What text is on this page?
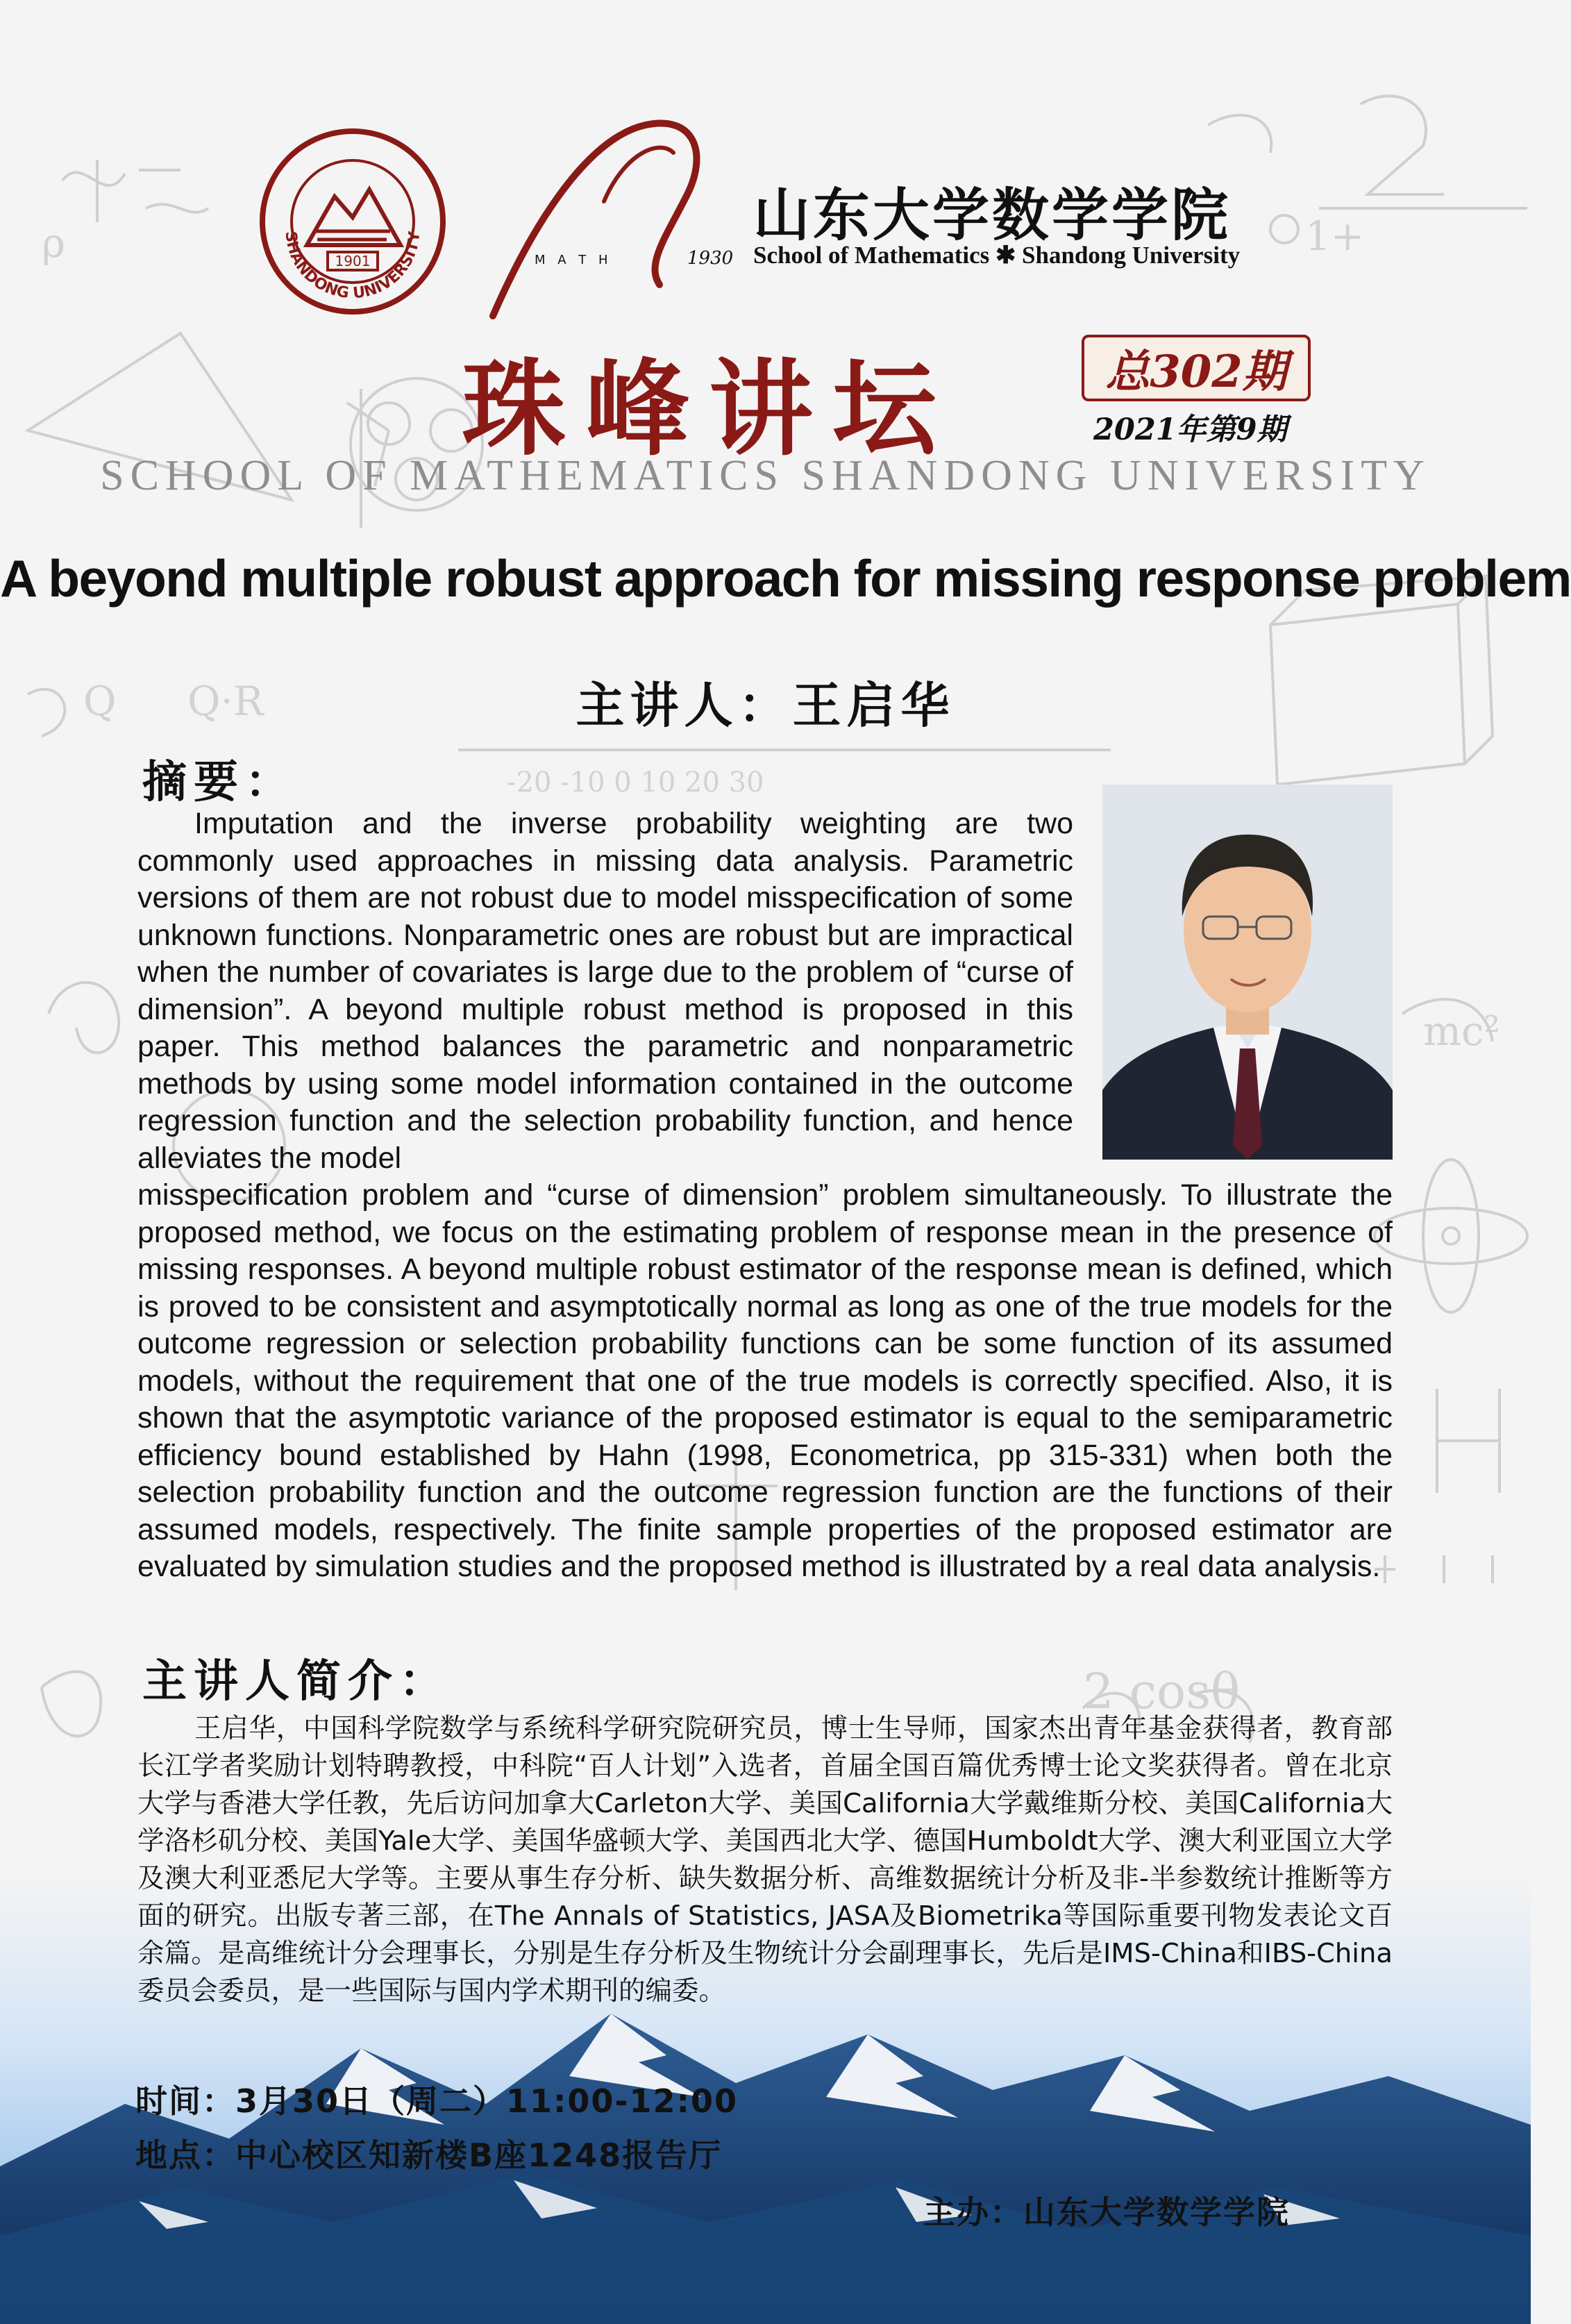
ρ	1+
mc²
Q Q·R
-20 -10 0 10 20 30
2 cosθ
1901
SHANDONG UNIVERSITY
M A T H	1930
山东大学数学学院
School of Mathematics ✱ Shandong University
珠峰讲坛	总302期
2021年第9期
SCHOOL OF MATHEMATICS SHANDONG UNIVERSITY
A beyond multiple robust approach for missing response problem
主讲人：王启华
摘要：

Imputation and the inverse probability weighting are two commonly used approaches in missing data analysis. Parametric versions of them are not robust due to model misspecification of some unknown functions. Nonparametric ones are robust but are impractical when the number of covariates is large due to the problem of “curse of dimension”. A beyond multiple robust method is proposed in this paper. This method balances the parametric and nonparametric methods by using some model information contained in the outcome regression function and the selection probability function, and hence alleviates the model

misspecification problem and “curse of dimension” problem simultaneously. To illustrate the proposed method, we focus on the estimating problem of response mean in the presence of missing responses. A beyond multiple robust estimator of the response mean is defined, which is proved to be consistent and asymptotically normal as long as one of the true models for the outcome regression or selection probability functions can be some function of its assumed models, without the requirement that one of the true models is correctly specified. Also, it is shown that the asymptotic variance of the proposed estimator is equal to the semiparametric efficiency bound established by Hahn (1998, Econometrica, pp 315-331) when both the selection probability function and the outcome regression function are the functions of their assumed models, respectively. The finite sample properties of the proposed estimator are evaluated by simulation studies and the proposed method is illustrated by a real data analysis.

主讲人简介：

王启华，中国科学院数学与系统科学研究院研究员，博士生导师，国家杰出青年基金获得者，教育部长江学者奖励计划特聘教授，中科院“百人计划”入选者，首届全国百篇优秀博士论文奖获得者。曾在北京大学与香港大学任教，先后访问加拿大Carleton大学、美国California大学戴维斯分校、美国California大学洛杉矶分校、美国Yale大学、美国华盛顿大学、美国西北大学、德国Humboldt大学、澳大利亚国立大学及澳大利亚悉尼大学等。主要从事生存分析、缺失数据分析、高维数据统计分析及非-半参数统计推断等方面的研究。出版专著三部，在The Annals of Statistics, JASA及Biometrika等国际重要刊物发表论文百余篇。是高维统计分会理事长，分别是生存分析及生物统计分会副理事长，先后是IMS-China和IBS-China委员会委员，是一些国际与国内学术期刊的编委。

时间：3月30日（周二）11:00-12:00
地点：中心校区知新楼B座1248报告厅
主办：山东大学数学学院
